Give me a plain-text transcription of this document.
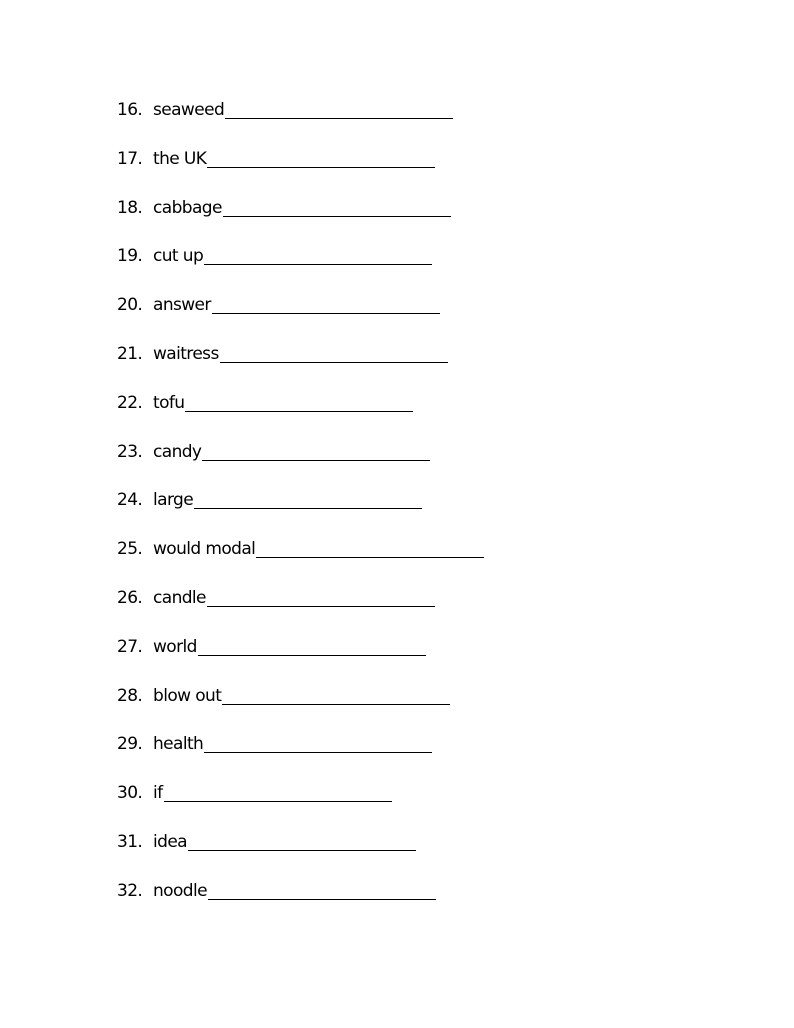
16. seaweed
17. the UK
18. cabbage
19. cut up
20. answer
21. waitress
22. tofu
23. candy
24. large
25. would modal
26. candle
27. world
28. blow out
29. health
30. if
31. idea
32. noodle
